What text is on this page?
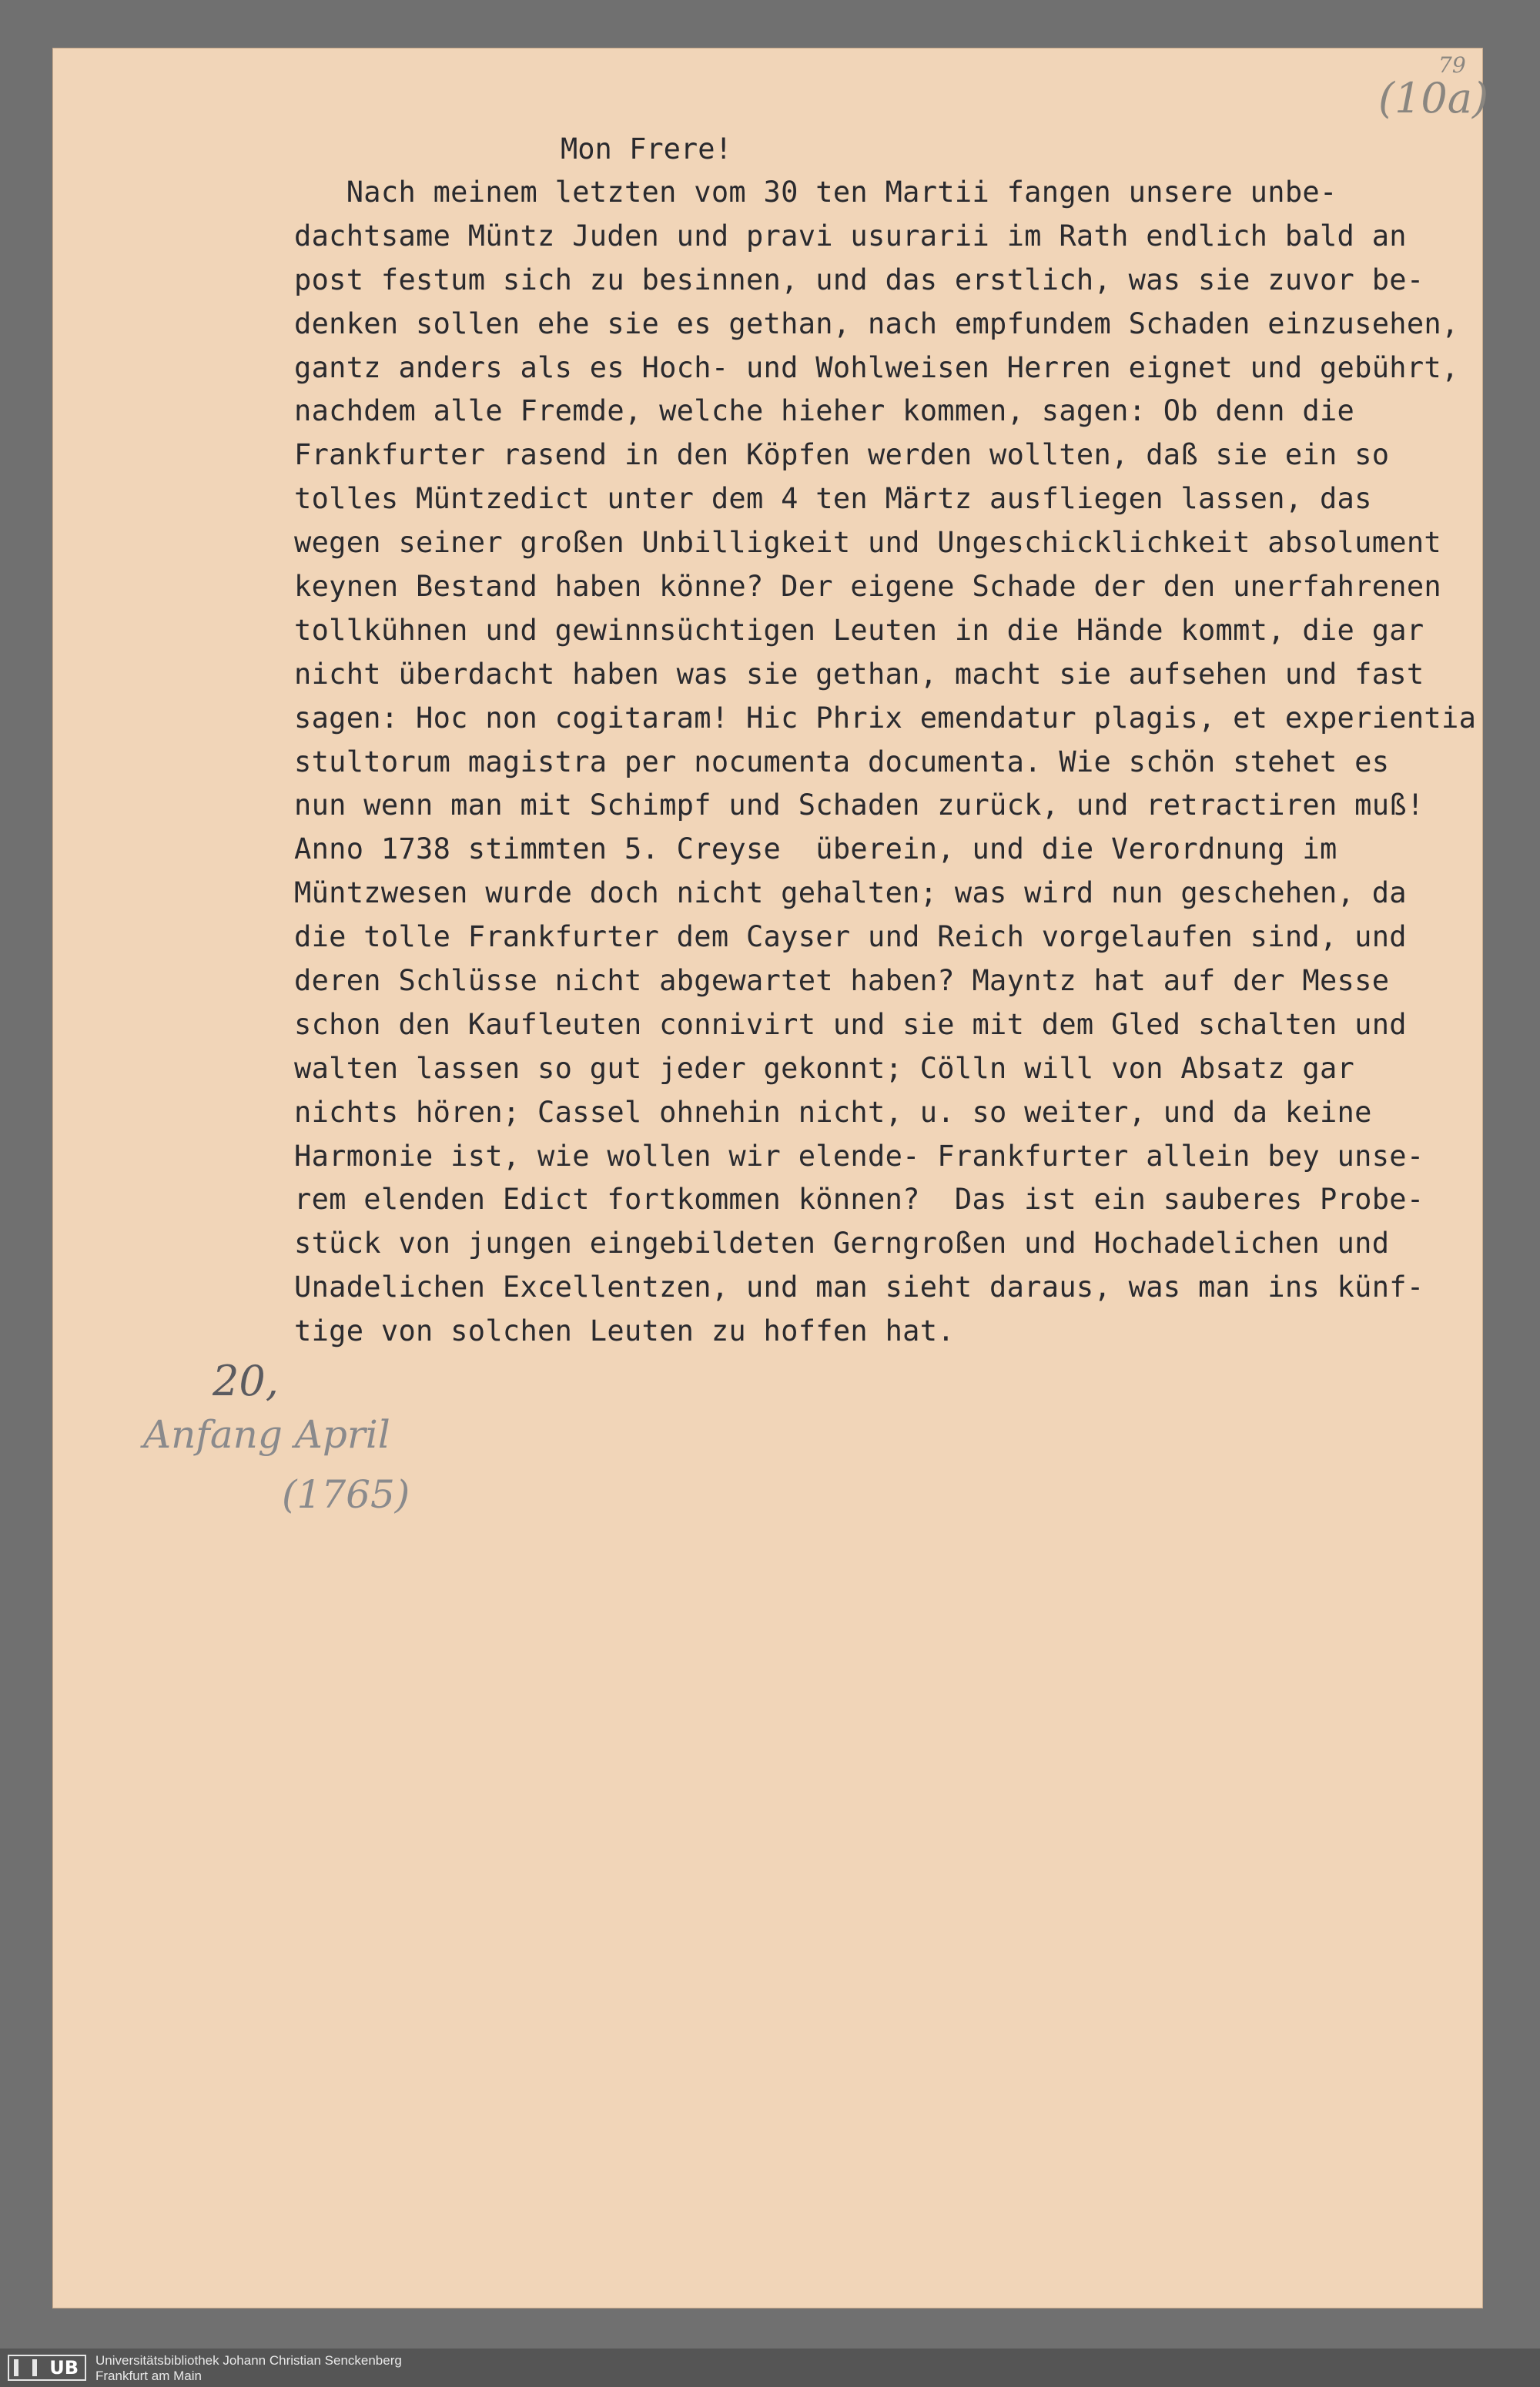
79
(10a)
Mon Frere!
Nach meinem letzten vom 30 ten Martii fangen unsere unbe-
dachtsame Müntz Juden und pravi usurarii im Rath endlich bald an
post festum sich zu besinnen, und das erstlich, was sie zuvor be-
denken sollen ehe sie es gethan, nach empfundem Schaden einzusehen,
gantz anders als es Hoch- und Wohlweisen Herren eignet und gebührt,
nachdem alle Fremde, welche hieher kommen, sagen: Ob denn die
Frankfurter rasend in den Köpfen werden wollten, daß sie ein so
tolles Müntzedict unter dem 4 ten Märtz ausfliegen lassen, das
wegen seiner großen Unbilligkeit und Ungeschicklichkeit absolument
keynen Bestand haben könne? Der eigene Schade der den unerfahrenen
tollkühnen und gewinnsüchtigen Leuten in die Hände kommt, die gar
nicht überdacht haben was sie gethan, macht sie aufsehen und fast
sagen: Hoc non cogitaram! Hic Phrix emendatur plagis, et experientia
stultorum magistra per nocumenta documenta. Wie schön stehet es
nun wenn man mit Schimpf und Schaden zurück, und retractiren muß!
Anno 1738 stimmten 5. Creyse  überein, und die Verordnung im
Müntzwesen wurde doch nicht gehalten; was wird nun geschehen, da
die tolle Frankfurter dem Cayser und Reich vorgelaufen sind, und
deren Schlüsse nicht abgewartet haben? Mayntz hat auf der Messe
schon den Kaufleuten connivirt und sie mit dem Gled schalten und
walten lassen so gut jeder gekonnt; Cölln will von Absatz gar
nichts hören; Cassel ohnehin nicht, u. so weiter, und da keine
Harmonie ist, wie wollen wir elende- Frankfurter allein bey unse-
rem elenden Edict fortkommen können?  Das ist ein sauberes Probe-
stück von jungen eingebildeten Gerngroßen und Hochadelichen und
Unadelichen Excellentzen, und man sieht daraus, was man ins künf-
tige von solchen Leuten zu hoffen hat.
20,
Anfang April
(1765)
UB	Universitätsbibliothek Johann Christian Senckenberg
Frankfurt am Main
